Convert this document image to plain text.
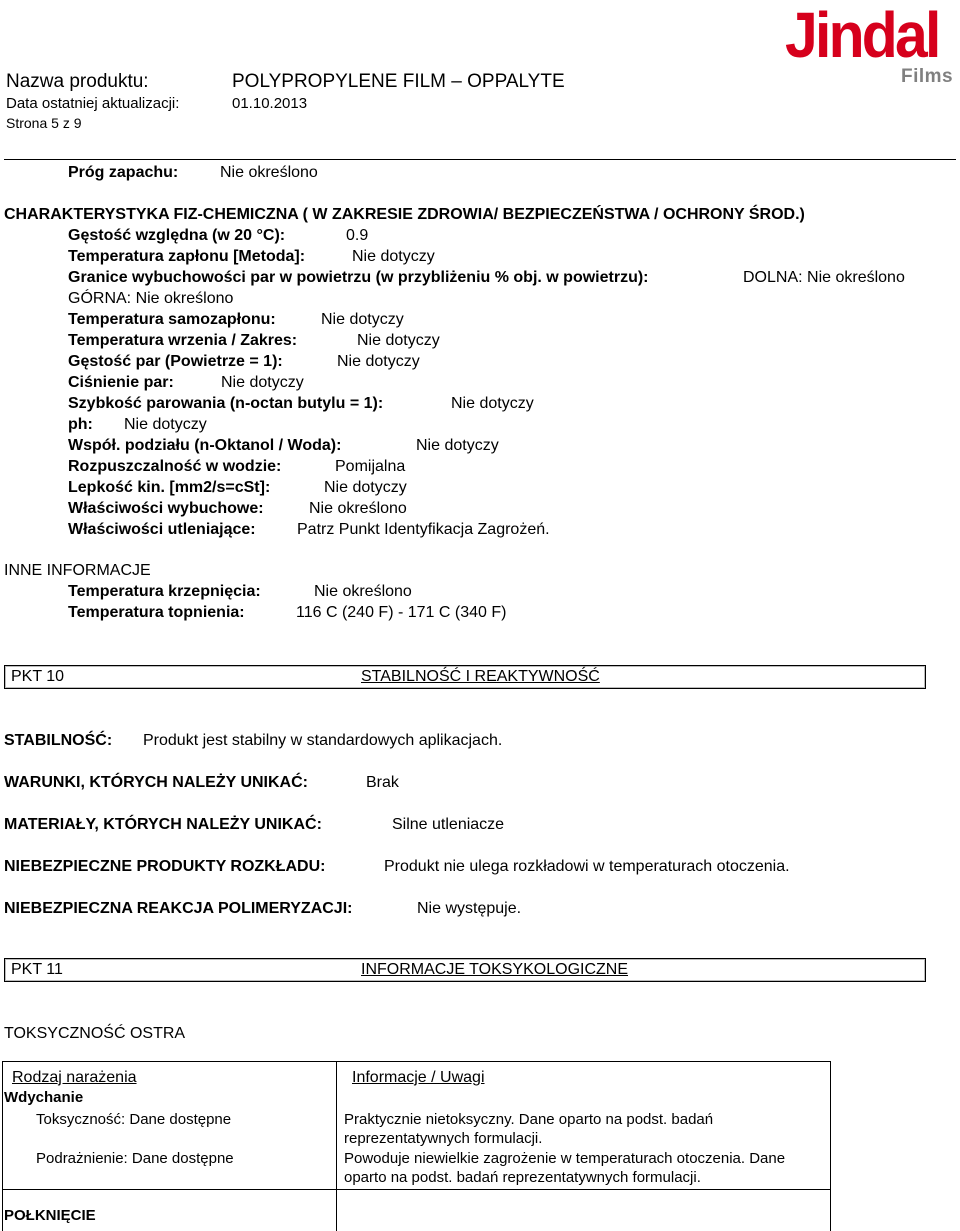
Jindal
Films
Nazwa produktu:	POLYPROPYLENE FILM – OPPALYTE
Data ostatniej aktualizacji:	01.10.2013
Strona 5 z 9
Próg zapachu:	Nie określono
CHARAKTERYSTYKA FIZ-CHEMICZNA ( W ZAKRESIE ZDROWIA/ BEZPIECZEŃSTWA / OCHRONY ŚROD.)
Gęstość względna (w 20 °C):	0.9
Temperatura zapłonu [Metoda]:	Nie dotyczy
Granice wybuchowości par w powietrzu (w przybliżeniu % obj. w powietrzu):	DOLNA: Nie określono
GÓRNA: Nie określono
Temperatura samozapłonu:	Nie dotyczy
Temperatura wrzenia / Zakres:	Nie dotyczy
Gęstość par (Powietrze = 1):	Nie dotyczy
Ciśnienie par:	Nie dotyczy
Szybkość parowania (n-octan butylu = 1):	Nie dotyczy
ph: Nie dotyczy
Współ. podziału (n-Oktanol / Woda):	Nie dotyczy
Rozpuszczalność w wodzie:	Pomijalna
Lepkość kin. [mm2/s=cSt]:	Nie dotyczy
Właściwości wybuchowe:	Nie określono
Właściwości utleniające:	Patrz Punkt Identyfikacja Zagrożeń.
INNE INFORMACJE
Temperatura krzepnięcia:	Nie określono
Temperatura topnienia:	116 C (240 F) - 171 C (340 F)
PKT 10	STABILNOŚĆ I REAKTYWNOŚĆ
STABILNOŚĆ: Produkt jest stabilny w standardowych aplikacjach.
WARUNKI, KTÓRYCH NALEŻY UNIKAĆ:	Brak
MATERIAŁY, KTÓRYCH NALEŻY UNIKAĆ:	Silne utleniacze
NIEBEZPIECZNE PRODUKTY ROZKŁADU:	Produkt nie ulega rozkładowi w temperaturach otoczenia.
NIEBEZPIECZNA REAKCJA POLIMERYZACJI:	Nie występuje.
PKT 11	INFORMACJE TOKSYKOLOGICZNE
TOKSYCZNOŚĆ OSTRA
Rodzaj narażenia	Informacje / Uwagi
Wdychanie
Toksyczność: Dane dostępne	Praktycznie nietoksyczny. Dane oparto na podst. badań reprezentatywnych formulacji.
Podrażnienie: Dane dostępne	Powoduje niewielkie zagrożenie w temperaturach otoczenia. Dane oparto na podst. badań reprezentatywnych formulacji.
POŁKNIĘCIE
